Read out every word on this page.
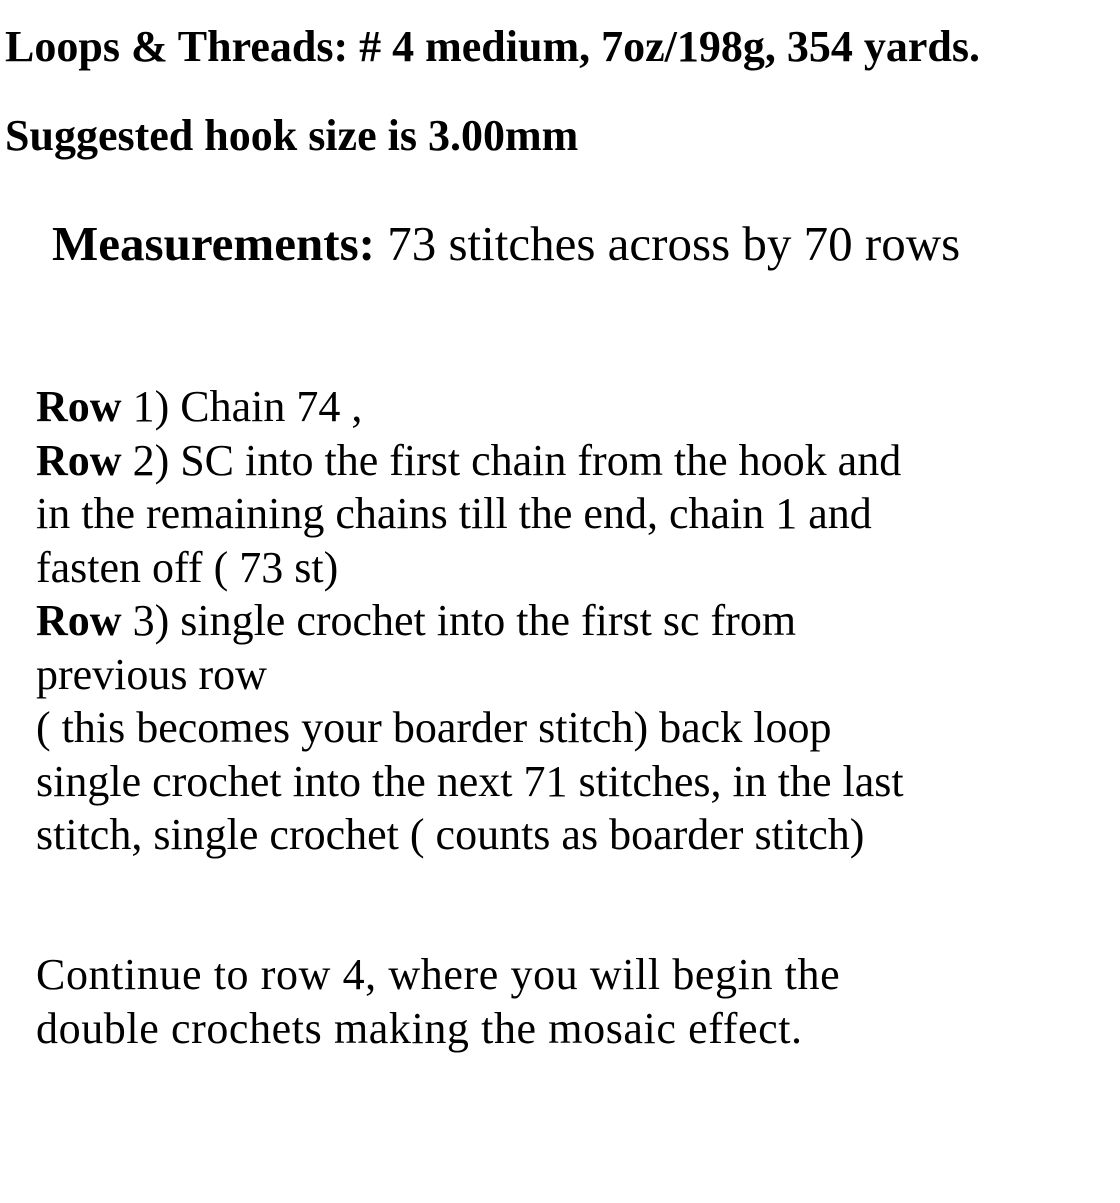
Loops & Threads: # 4 medium, 7oz/198g, 354 yards.
Suggested hook size is 3.00mm
Measurements: 73 stitches across by 70 rows

Row 1) Chain 74 ,

Row 2) SC into the first chain from the hook and
in the remaining chains till the end, chain 1 and
fasten off ( 73 st)

Row 3) single crochet into the first sc from
previous row
( this becomes your boarder stitch) back loop
single crochet into the next 71 stitches, in the last
stitch, single crochet ( counts as boarder stitch)

Continue to row 4, where you will begin the
double crochets making the mosaic effect.
